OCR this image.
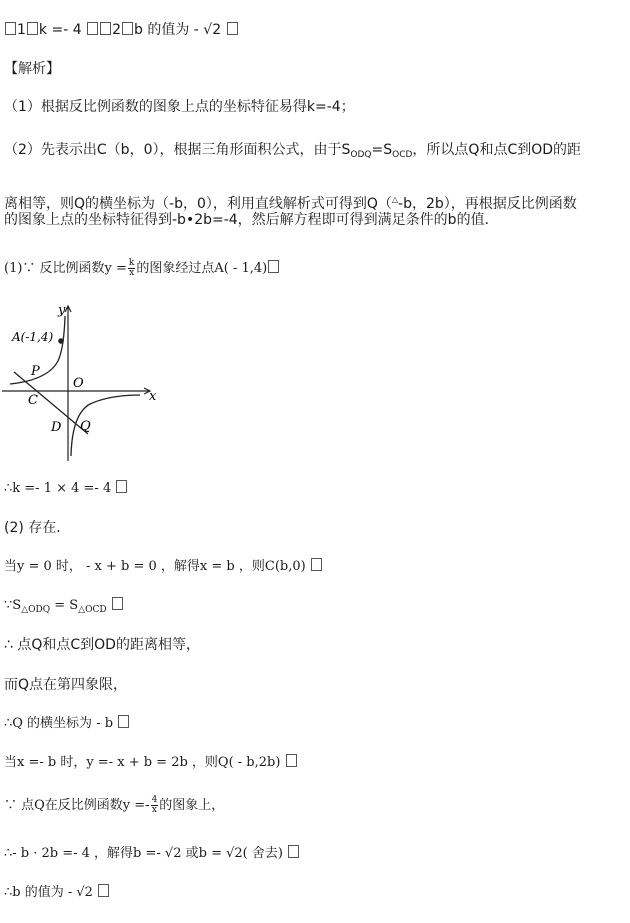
1 k =- 4 2 b 的值为 - √2
【解析】
（1）根据反比例函数的图象上点的坐标特征易得k=-4；
（2）先表示出C（b，0），根据三角形面积公式，由于$S_{ODQ}=S_{OCD}$，所以点Q和点C到OD的距
离相等，则Q的横坐标为（-b，0），利用直线解析式可得到Q（△-b，2b），再根据反比例函数
的图象上点的坐标特征得到-b•2b=-4，然后解方程即可得到满足条件的b的值．
(1)∵ 反比例函数$y = \frac{k}{x}$ 的图象经过点A( - 1,4)
y
x
A(-1,4)
P
O
C
D Q
∴k =- 1 × 4 =- 4
(2) 存在．
当y = 0 时， - x + b = 0 ，解得x = b ，则C(b,0)
$\because S_{\triangle ODQ} = S_{\triangle OCD}$
∴ 点Q和点C到OD的距离相等，
而Q点在第四象限，
∴Q 的横坐标为 - b
当x =- b 时，y =- x + b = 2b ，则Q( - b,2b)
∵ 点Q在反比例函数$y =- \frac{4}{x}$ 的图象上，
∴- b · 2b =- 4 ，解得b =- √2 或b = √2( 舍去)
∴b 的值为 - √2
